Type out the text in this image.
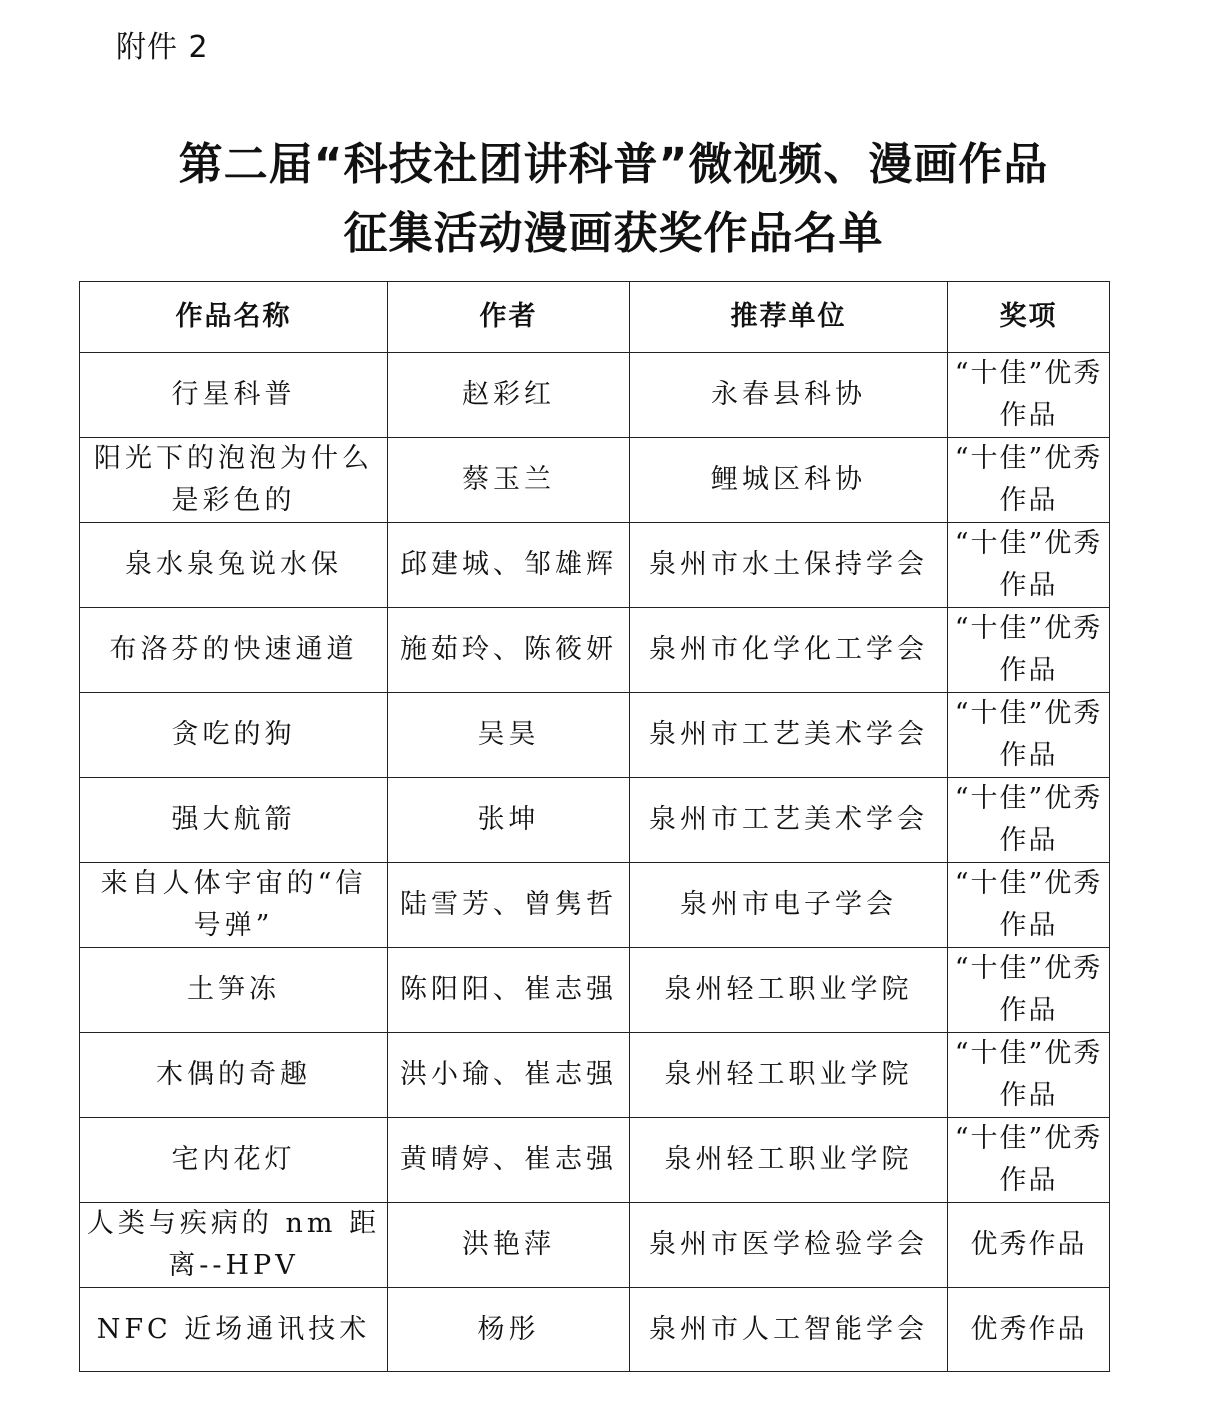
附件 2
第二届“科技社团讲科普”微视频、漫画作品
征集活动漫画获奖作品名单
作品名称	作者	推荐单位	奖项
行星科普	赵彩红	永春县科协	“十佳”优秀作品
阳光下的泡泡为什么是彩色的	蔡玉兰	鲤城区科协	“十佳”优秀作品
泉水泉兔说水保	邱建城、邹雄辉	泉州市水土保持学会	“十佳”优秀作品
布洛芬的快速通道	施茹玲、陈筱妍	泉州市化学化工学会	“十佳”优秀作品
贪吃的狗	吴昊	泉州市工艺美术学会	“十佳”优秀作品
强大航箭	张坤	泉州市工艺美术学会	“十佳”优秀作品
来自人体宇宙的“信号弹”	陆雪芳、曾隽哲	泉州市电子学会	“十佳”优秀作品
土笋冻	陈阳阳、崔志强	泉州轻工职业学院	“十佳”优秀作品
木偶的奇趣	洪小瑜、崔志强	泉州轻工职业学院	“十佳”优秀作品
宅内花灯	黄晴婷、崔志强	泉州轻工职业学院	“十佳”优秀作品
人类与疾病的 nm 距离--HPV	洪艳萍	泉州市医学检验学会	优秀作品
NFC 近场通讯技术	杨彤	泉州市人工智能学会	优秀作品
